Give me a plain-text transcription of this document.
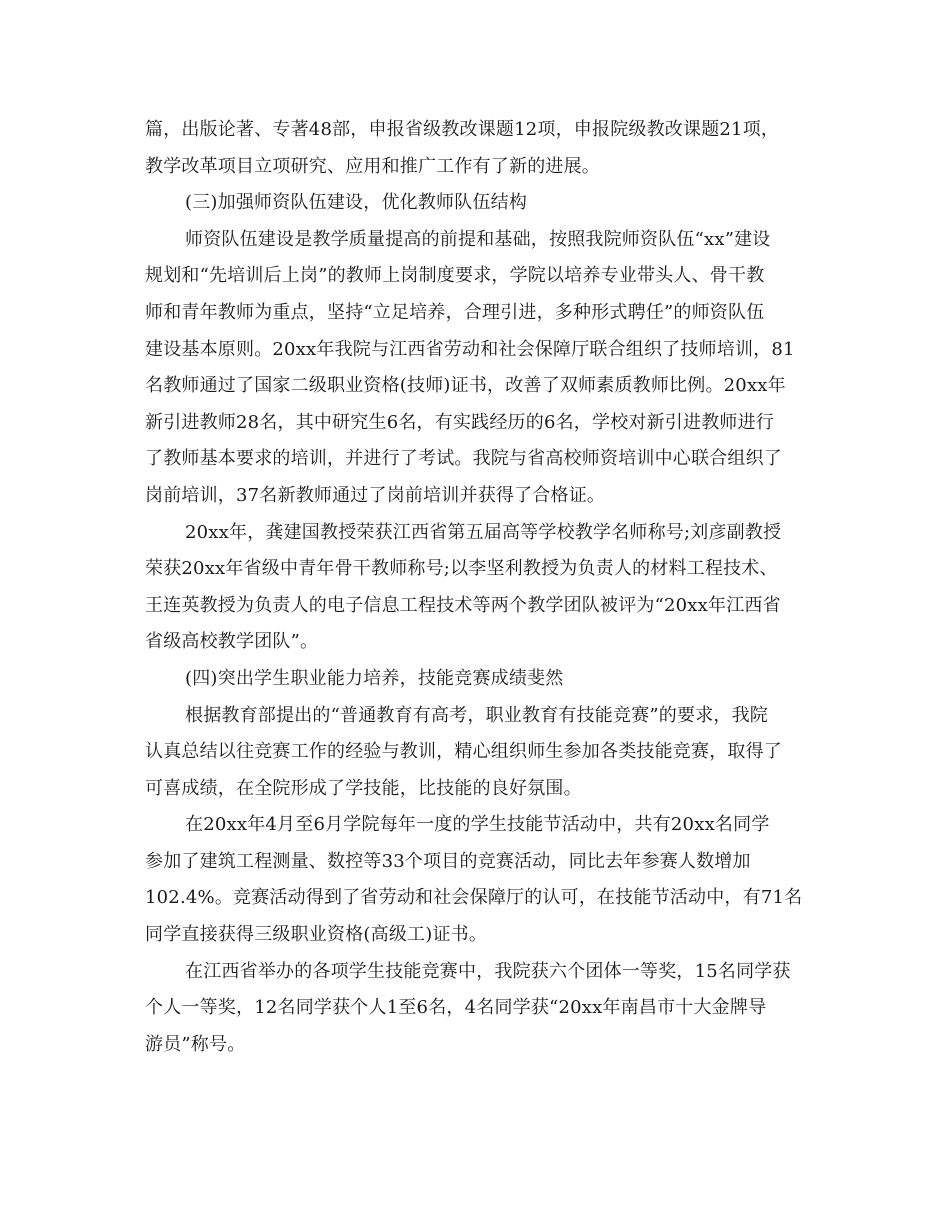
篇，出版论著、专著48部，申报省级教改课题12项，申报院级教改课题21项，
教学改革项目立项研究、应用和推广工作有了新的进展。
(三)加强师资队伍建设，优化教师队伍结构
师资队伍建设是教学质量提高的前提和基础，按照我院师资队伍“xx”建设
规划和“先培训后上岗”的教师上岗制度要求，学院以培养专业带头人、骨干教
师和青年教师为重点，坚持“立足培养，合理引进，多种形式聘任”的师资队伍
建设基本原则。20xx年我院与江西省劳动和社会保障厅联合组织了技师培训，81
名教师通过了国家二级职业资格(技师)证书，改善了双师素质教师比例。20xx年
新引进教师28名，其中研究生6名，有实践经历的6名，学校对新引进教师进行
了教师基本要求的培训，并进行了考试。我院与省高校师资培训中心联合组织了
岗前培训，37名新教师通过了岗前培训并获得了合格证。
20xx年，龚建国教授荣获江西省第五届高等学校教学名师称号;刘彦副教授
荣获20xx年省级中青年骨干教师称号;以李坚利教授为负责人的材料工程技术、
王连英教授为负责人的电子信息工程技术等两个教学团队被评为“20xx年江西省
省级高校教学团队”。
(四)突出学生职业能力培养，技能竞赛成绩斐然
根据教育部提出的“普通教育有高考，职业教育有技能竞赛”的要求，我院
认真总结以往竞赛工作的经验与教训，精心组织师生参加各类技能竞赛，取得了
可喜成绩，在全院形成了学技能，比技能的良好氛围。
在20xx年4月至6月学院每年一度的学生技能节活动中，共有20xx名同学
参加了建筑工程测量、数控等33个项目的竞赛活动，同比去年参赛人数增加
102.4%。竞赛活动得到了省劳动和社会保障厅的认可，在技能节活动中，有71名
同学直接获得三级职业资格(高级工)证书。
在江西省举办的各项学生技能竞赛中，我院获六个团体一等奖，15名同学获
个人一等奖，12名同学获个人1至6名，4名同学获“20xx年南昌市十大金牌导
游员”称号。
